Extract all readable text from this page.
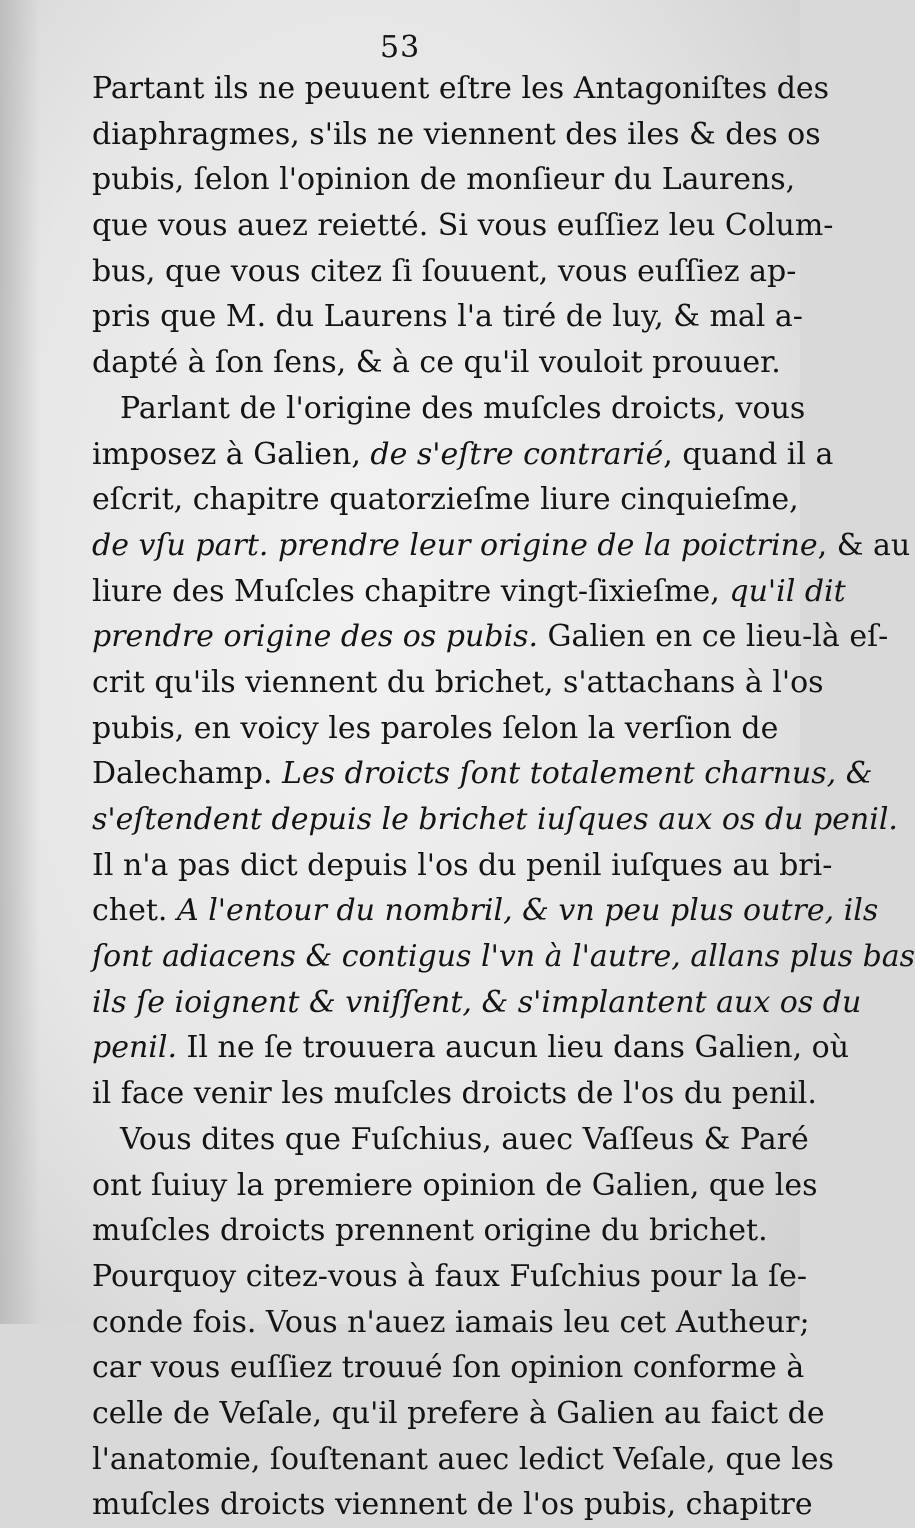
53
Partant ils ne peuuent eſtre les Antagoniſtes des
diaphragmes, s'ils ne viennent des iles & des os
pubis, ſelon l'opinion de monſieur du Laurens,
que vous auez reietté. Si vous euſſiez leu Colum-
bus, que vous citez ſi ſouuent, vous euſſiez ap-
pris que M. du Laurens l'a tiré de luy, & mal a-
dapté à ſon ſens, & à ce qu'il vouloit prouuer.
Parlant de l'origine des muſcles droicts, vous
imposez à Galien, de s'eſtre contrarié, quand il a
eſcrit, chapitre quatorzieſme liure cinquieſme,
de vſu part. prendre leur origine de la poictrine, & au
liure des Muſcles chapitre vingt-ſixieſme, qu'il dit
prendre origine des os pubis. Galien en ce lieu-là eſ-
crit qu'ils viennent du brichet, s'attachans à l'os
pubis, en voicy les paroles ſelon la verſion de
Dalechamp. Les droicts ſont totalement charnus, &
s'eſtendent depuis le brichet iuſques aux os du penil.
Il n'a pas dict depuis l'os du penil iuſques au bri-
chet. A l'entour du nombril, & vn peu plus outre, ils
ſont adiacens & contigus l'vn à l'autre, allans plus bas
ils ſe ioignent & vniſſent, & s'implantent aux os du
penil. Il ne ſe trouuera aucun lieu dans Galien, où
il face venir les muſcles droicts de l'os du penil.
Vous dites que Fuſchius, auec Vaſſeus & Paré
ont ſuiuy la premiere opinion de Galien, que les
muſcles droicts prennent origine du brichet.
Pourquoy citez-vous à faux Fuſchius pour la ſe-
conde fois. Vous n'auez iamais leu cet Autheur;
car vous euſſiez trouué ſon opinion conforme à
celle de Veſale, qu'il prefere à Galien au faict de
l'anatomie, ſouſtenant auec ledict Veſale, que les
muſcles droicts viennent de l'os pubis, chapitre
